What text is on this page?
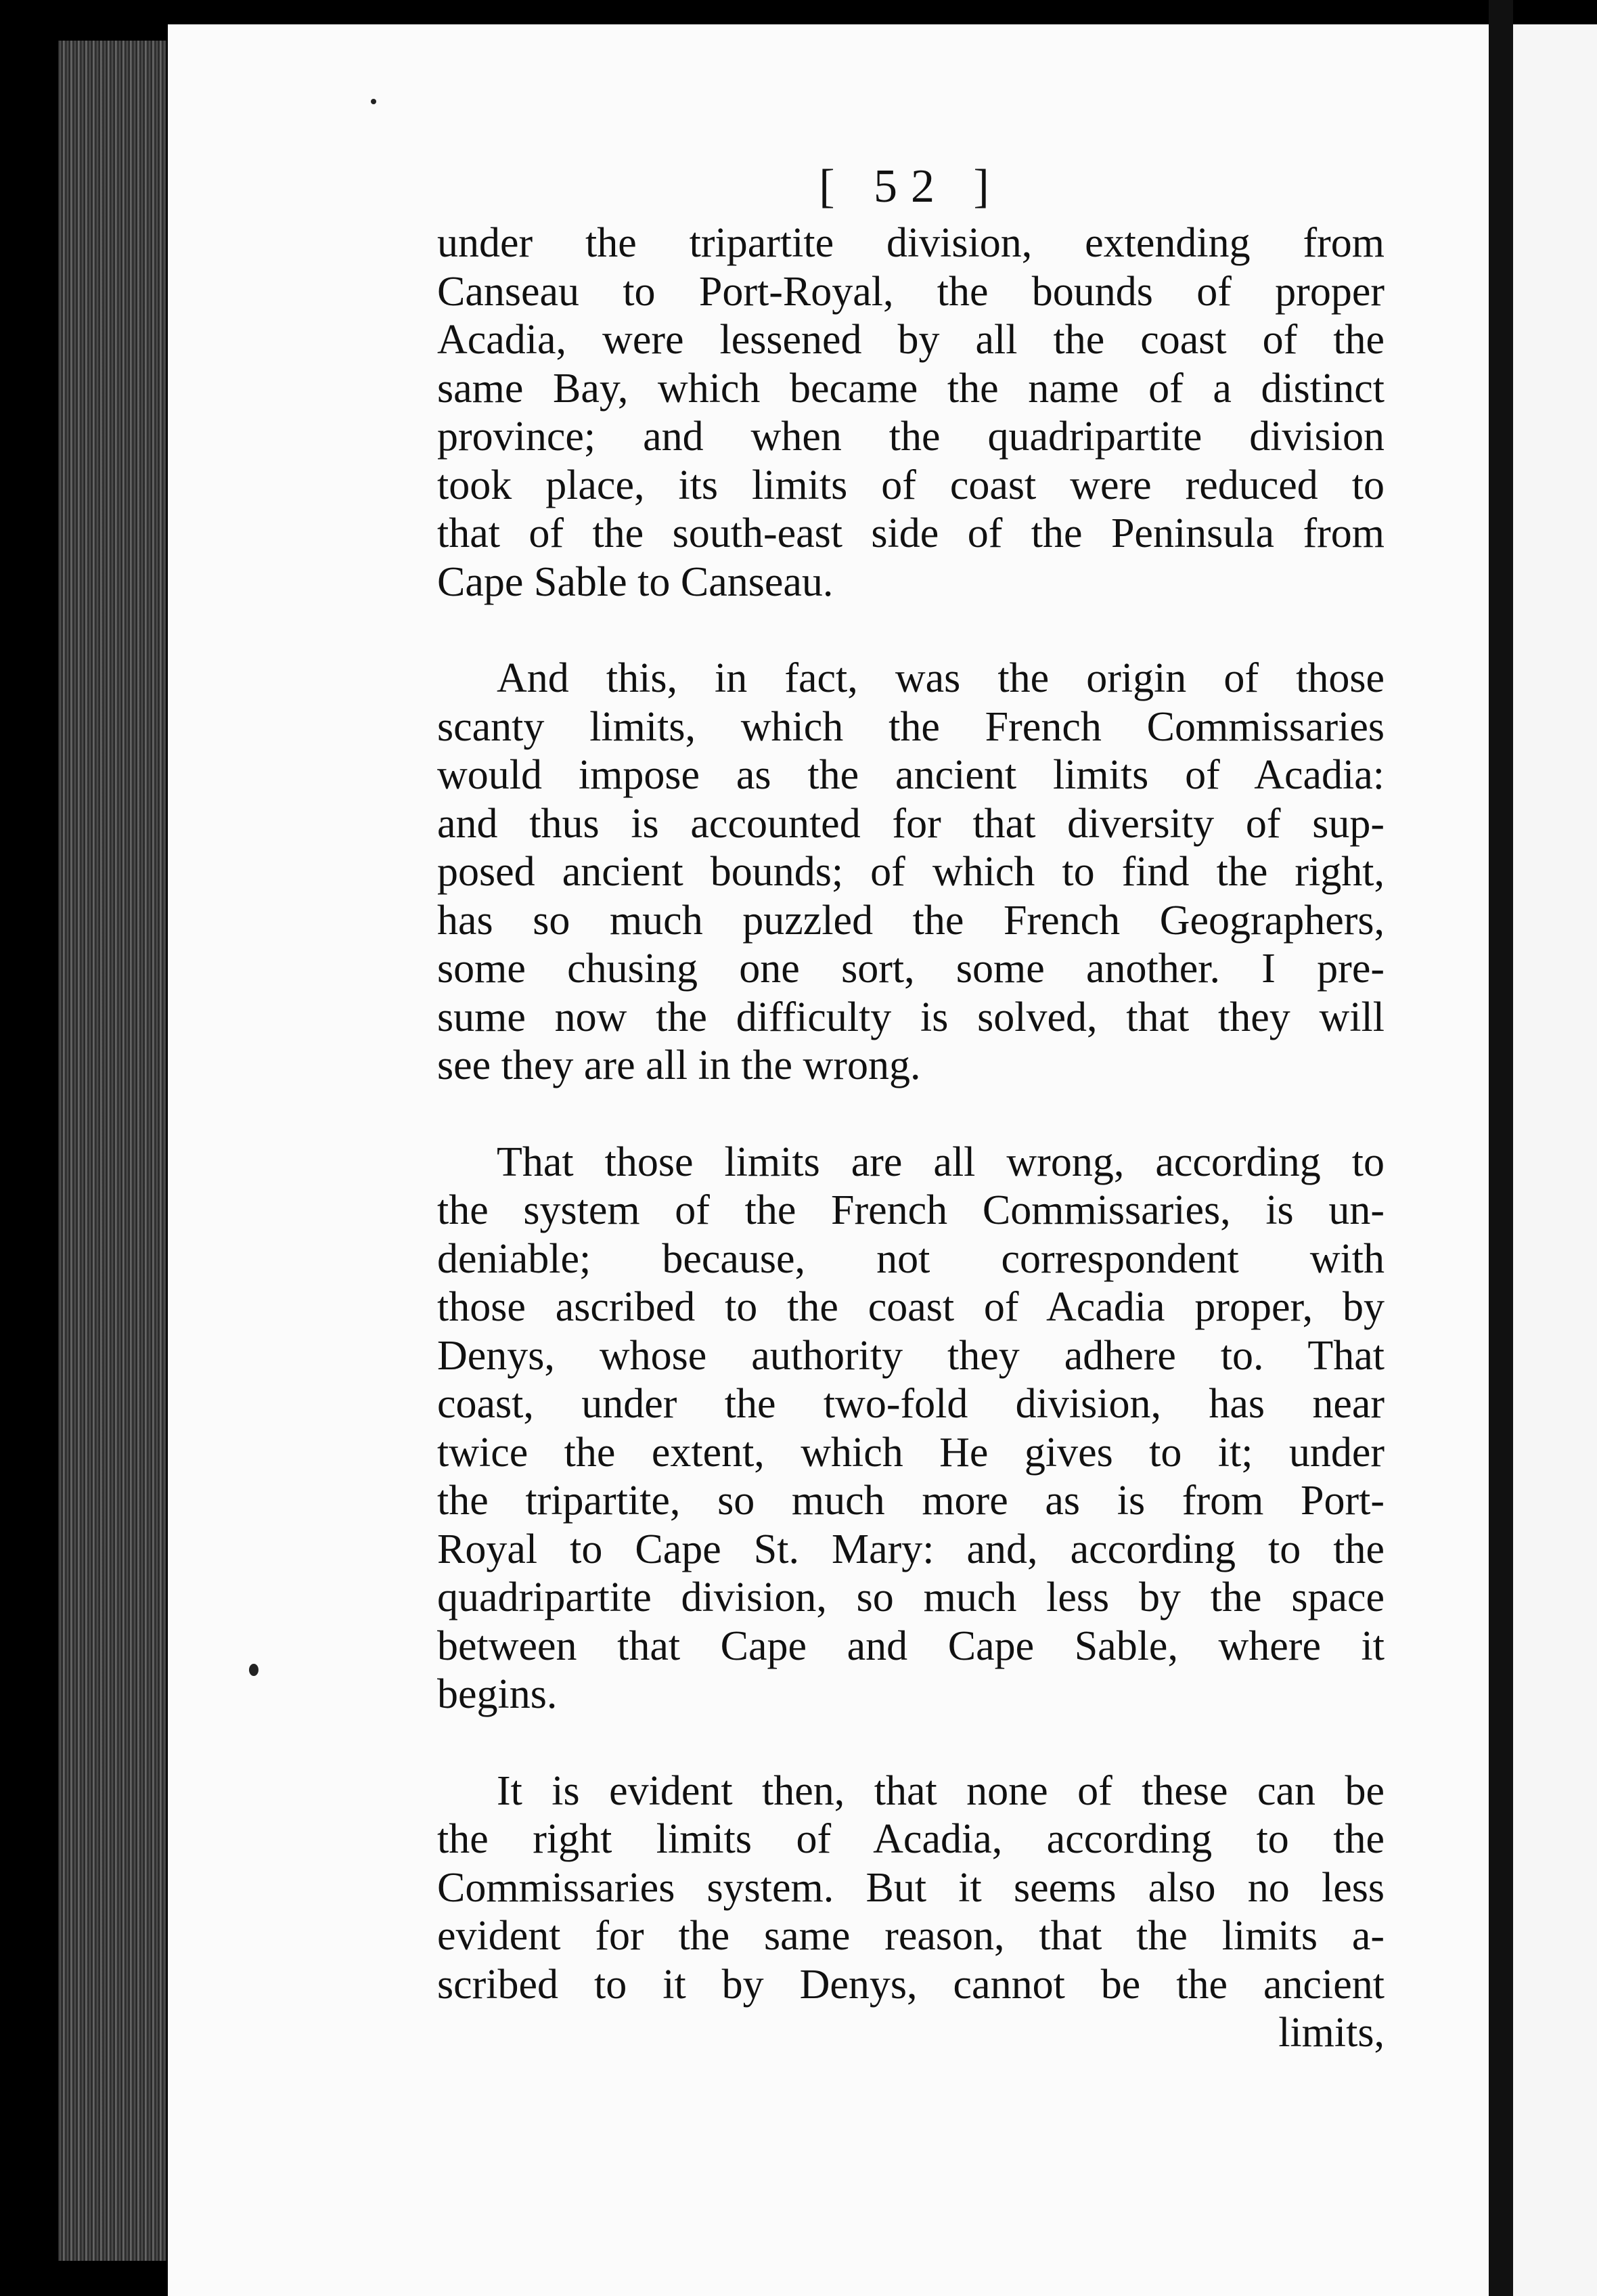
[ 52 ]
under the tripartite division, extending from
Canseau to Port-Royal, the bounds of proper
Acadia, were lessened by all the coast of the
same Bay, which became the name of a distinct
province; and when the quadripartite division
took place, its limits of coast were reduced to
that of the south-east side of the Peninsula from
Cape Sable to Canseau.
And this, in fact, was the origin of those
scanty limits, which the French Commissaries
would impose as the ancient limits of Acadia:
and thus is accounted for that diversity of sup-
posed ancient bounds; of which to find the right,
has so much puzzled the French Geographers,
some chusing one sort, some another. I pre-
sume now the difficulty is solved, that they will
see they are all in the wrong.
That those limits are all wrong, according to
the system of the French Commissaries, is un-
deniable; because, not correspondent with
those ascribed to the coast of Acadia proper, by
Denys, whose authority they adhere to. That
coast, under the two-fold division, has near
twice the extent, which He gives to it; under
the tripartite, so much more as is from Port-
Royal to Cape St. Mary: and, according to the
quadripartite division, so much less by the space
between that Cape and Cape Sable, where it
begins.
It is evident then, that none of these can be
the right limits of Acadia, according to the
Commissaries system. But it seems also no less
evident for the same reason, that the limits a-
scribed to it by Denys, cannot be the ancient
limits,
